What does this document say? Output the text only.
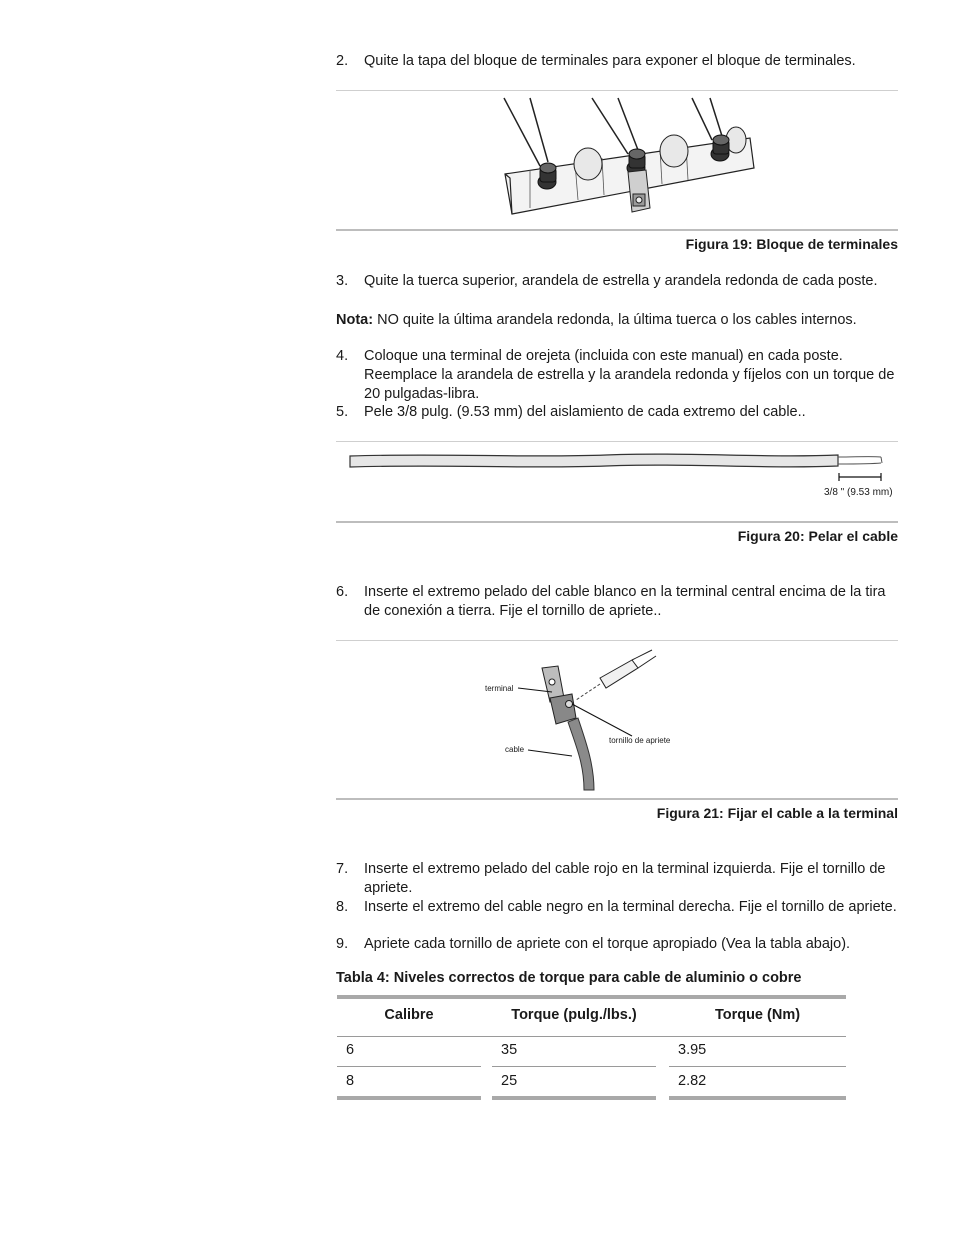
2. Quite la tapa del bloque de terminales para exponer el bloque de terminales.
Figura 19: Bloque de terminales
3. Quite la tuerca superior, arandela de estrella y arandela redonda de cada poste.
Nota: NO quite la última arandela redonda, la última tuerca o los cables internos.
4. Coloque una terminal de orejeta (incluida con este manual) en cada poste. Reemplace la arandela de estrella y la arandela redonda y fíjelos con un torque de 20 pulgadas-libra.
5. Pele 3/8 pulg. (9.53 mm) del aislamiento de cada extremo del cable..
3/8 " (9.53 mm)
Figura 20: Pelar el cable
6. Inserte el extremo pelado del cable blanco en la terminal central encima de la tira de conexión a tierra. Fije el tornillo de apriete..
terminal
cable
tornillo de apriete
Figura 21: Fijar el cable a la terminal
7. Inserte el extremo pelado del cable rojo en la terminal izquierda. Fije el tornillo de apriete.
8. Inserte el extremo del cable negro en la terminal derecha. Fije el tornillo de apriete.
9. Apriete cada tornillo de apriete con el torque apropiado (Vea la tabla abajo).
Tabla 4: Niveles correctos de torque para cable de aluminio o cobre
Calibre	Torque (pulg./lbs.)	Torque (Nm)
6	35	3.95
8	25	2.82
